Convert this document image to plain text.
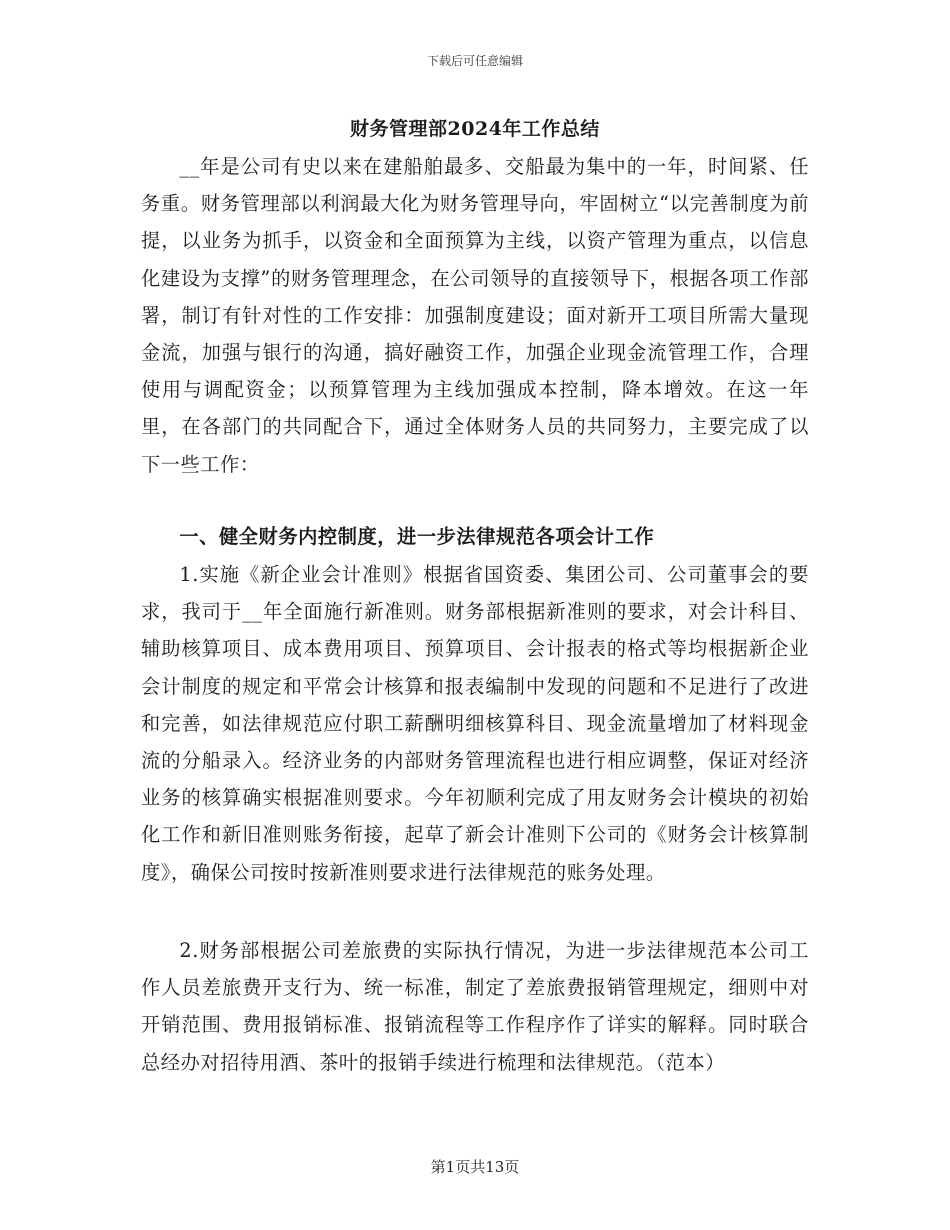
下载后可任意编辑
财务管理部2024年工作总结

__年是公司有史以来在建船舶最多、交船最为集中的一年，时间紧、任务重。财务管理部以利润最大化为财务管理导向，牢固树立“以完善制度为前提，以业务为抓手，以资金和全面预算为主线，以资产管理为重点，以信息化建设为支撑”的财务管理理念，在公司领导的直接领导下，根据各项工作部署，制订有针对性的工作安排：加强制度建设；面对新开工项目所需大量现金流，加强与银行的沟通，搞好融资工作，加强企业现金流管理工作，合理使用与调配资金；以预算管理为主线加强成本控制，降本增效。在这一年里，在各部门的共同配合下，通过全体财务人员的共同努力，主要完成了以下一些工作：

一、健全财务内控制度，进一步法律规范各项会计工作

1.实施《新企业会计准则》根据省国资委、集团公司、公司董事会的要求，我司于__年全面施行新准则。财务部根据新准则的要求，对会计科目、辅助核算项目、成本费用项目、预算项目、会计报表的格式等均根据新企业会计制度的规定和平常会计核算和报表编制中发现的问题和不足进行了改进和完善，如法律规范应付职工薪酬明细核算科目、现金流量增加了材料现金流的分船录入。经济业务的内部财务管理流程也进行相应调整，保证对经济业务的核算确实根据准则要求。今年初顺利完成了用友财务会计模块的初始化工作和新旧准则账务衔接，起草了新会计准则下公司的《财务会计核算制度》，确保公司按时按新准则要求进行法律规范的账务处理。

2.财务部根据公司差旅费的实际执行情况，为进一步法律规范本公司工作人员差旅费开支行为、统一标准，制定了差旅费报销管理规定，细则中对开销范围、费用报销标准、报销流程等工作程序作了详实的解释。同时联合总经办对招待用酒、茶叶的报销手续进行梳理和法律规范。（范本）

第1页共13页
